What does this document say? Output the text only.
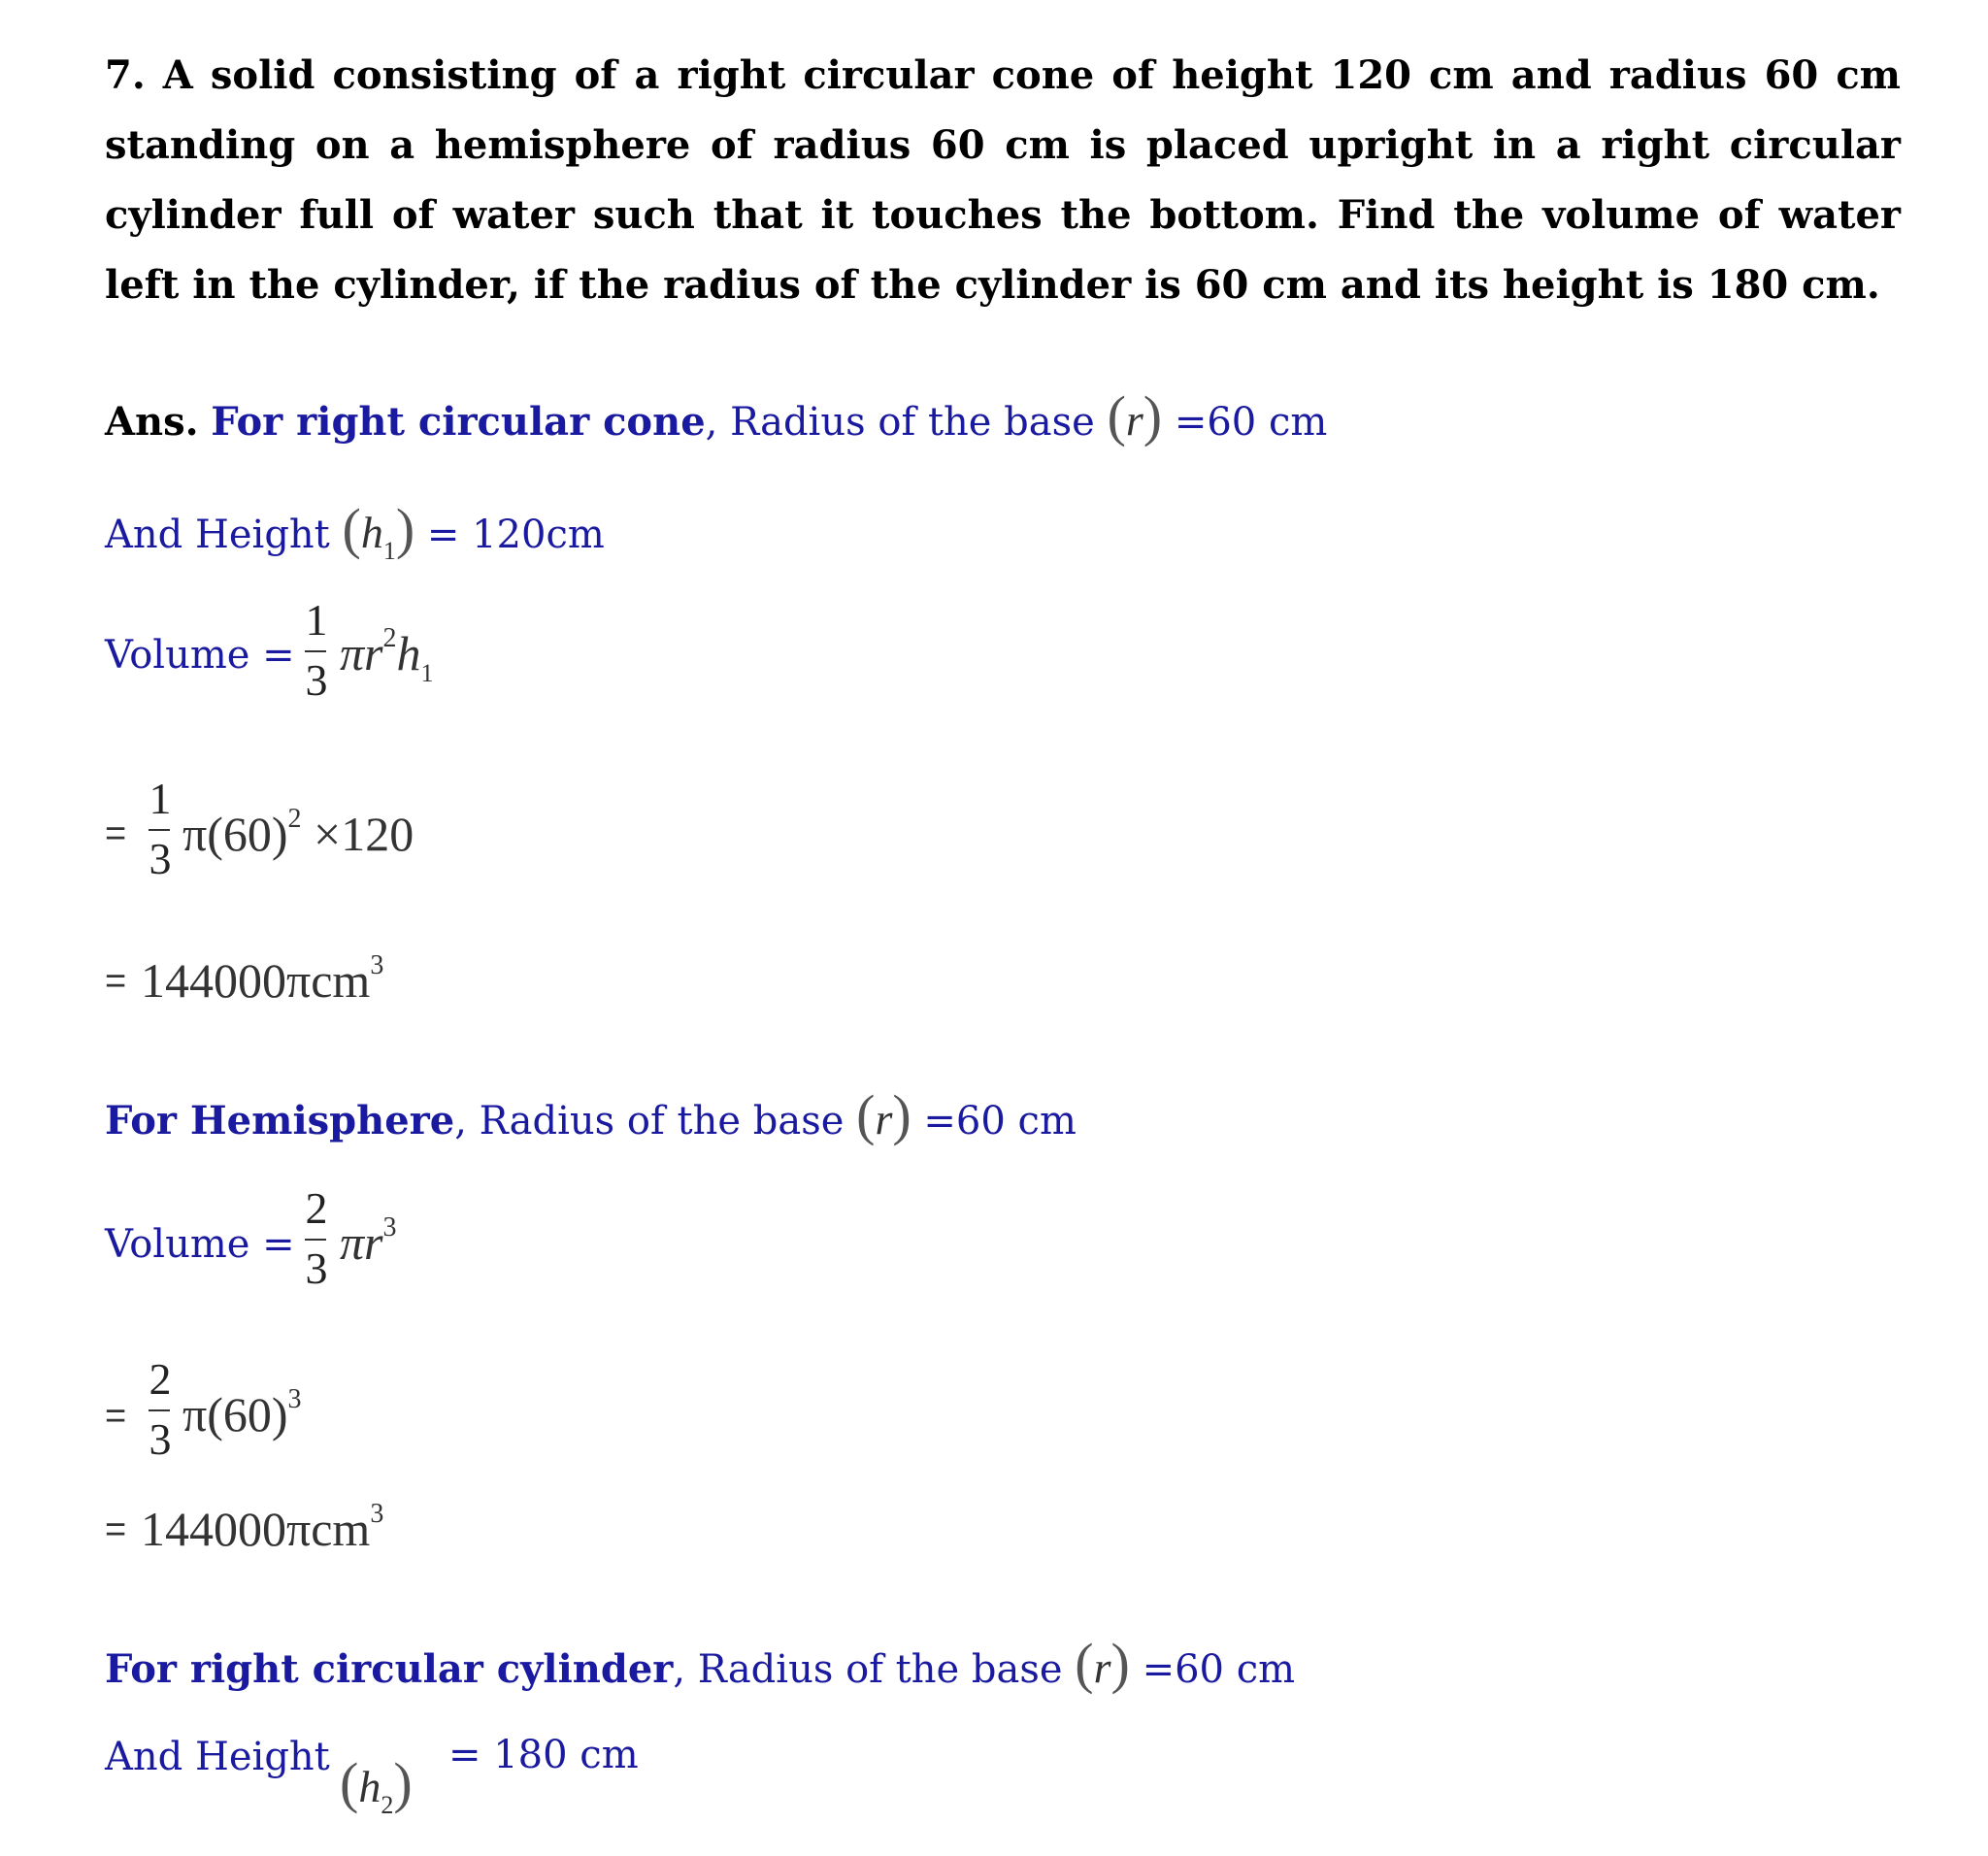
7. A solid consisting of a right circular cone of height 120 cm and radius 60 cm standing on a hemisphere of radius 60 cm is placed upright in a right circular cylinder full of water such that it touches the bottom. Find the volume of water left in the cylinder, if the radius of the cylinder is 60 cm and its height is 180 cm.

Ans. For right circular cone, Radius of the base (r) =60 cm
And Height $(h_1) = 120cm$
Volume =
1
3 $\pi r^2h_1$
=
1
3 $\pi(60)^2 \times 120$
= 144000πcm$^3$
For Hemisphere, Radius of the base (r) =60 cm
Volume =
2
3 $\pi r^3$
=
2
3 $\pi(60)^3$
= 144000πcm$^3$
For right circular cylinder, Radius of the base (r) =60 cm
And Height $(h_2) = 180$ cm
